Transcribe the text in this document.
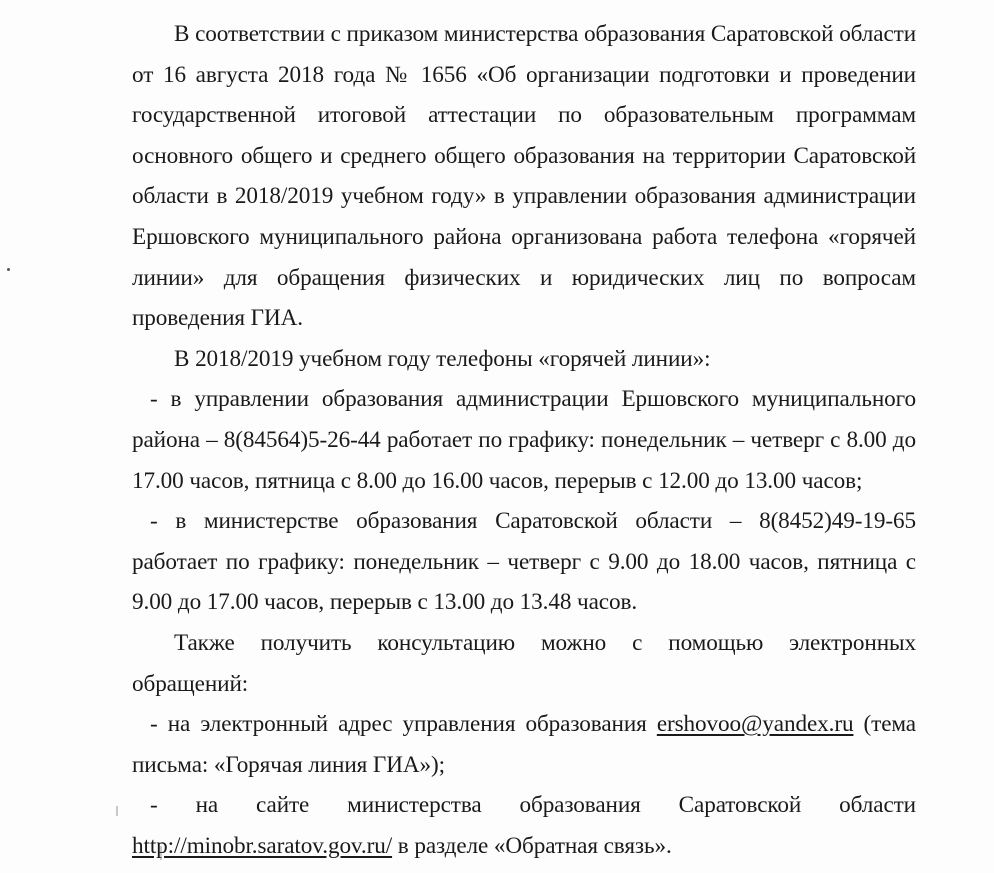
В соответствии с приказом министерства образования Саратовской области от 16 августа 2018 года № 1656 «Об организации подготовки и проведении государственной итоговой аттестации по образовательным программам основного общего и среднего общего образования на территории Саратовской области в 2018/2019 учебном году» в управлении образования администрации Ершовского муниципального района организована работа телефона «горячей линии» для обращения физических и юридических лиц по вопросам проведения ГИА.

В 2018/2019 учебном году телефоны «горячей линии»:

- в управлении образования администрации Ершовского муниципального района – 8(84564)5-26-44 работает по графику: понедельник – четверг с 8.00 до 17.00 часов, пятница с 8.00 до 16.00 часов, перерыв с 12.00 до 13.00 часов;

- в министерстве образования Саратовской области – 8(8452)49-19-65 работает по графику: понедельник – четверг с 9.00 до 18.00 часов, пятница с 9.00 до 17.00 часов, перерыв с 13.00 до 13.48 часов.

Также получить консультацию можно с помощью электронных обращений:

- на электронный адрес управления образования ershovoo@yandex.ru (тема письма: «Горячая линия ГИА»);

- на сайте министерства образования Саратовской области http://minobr.saratov.gov.ru/ в разделе «Обратная связь».
